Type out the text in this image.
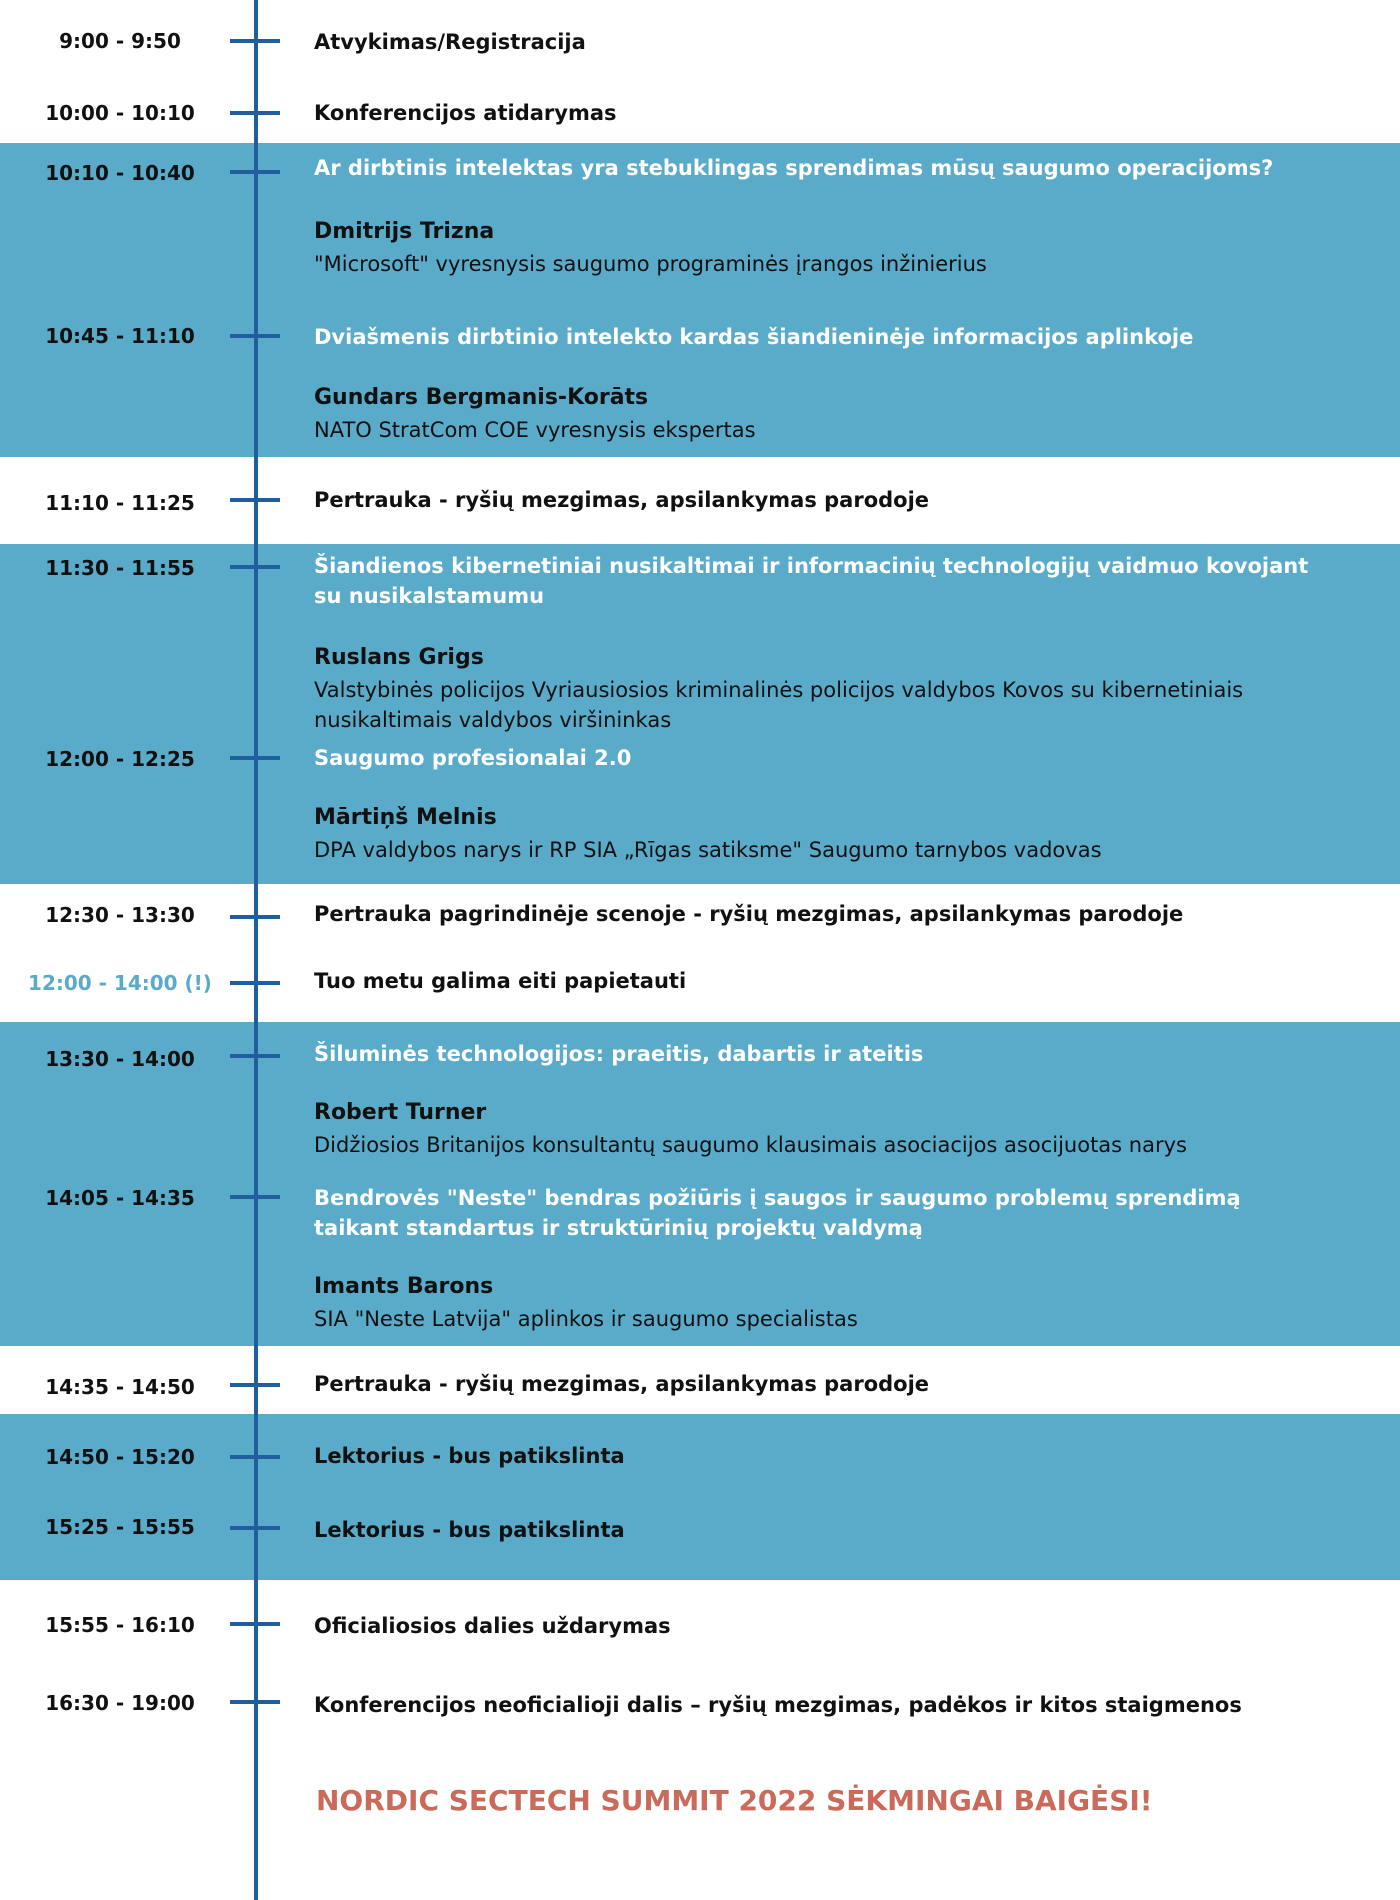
9:00 - 9:50	Atvykimas/Registracija
10:00 - 10:10	Konferencijos atidarymas
10:10 - 10:40	Ar dirbtinis intelektas yra stebuklingas sprendimas mūsų saugumo operacijoms?
Dmitrijs Trizna
"Microsoft" vyresnysis saugumo programinės įrangos inžinierius
10:45 - 11:10	Dviašmenis dirbtinio intelekto kardas šiandieninėje informacijos aplinkoje
Gundars Bergmanis-Korāts
NATO StratCom COE vyresnysis ekspertas
11:10 - 11:25	Pertrauka - ryšių mezgimas, apsilankymas parodoje
11:30 - 11:55	Šiandienos kibernetiniai nusikaltimai ir informacinių technologijų vaidmuo kovojant su nusikalstamumu
Ruslans Grigs
Valstybinės policijos Vyriausiosios kriminalinės policijos valdybos Kovos su kibernetiniais nusikaltimais valdybos viršininkas
12:00 - 12:25	Saugumo profesionalai 2.0
Mārtiņš Melnis
DPA valdybos narys ir RP SIA „Rīgas satiksme" Saugumo tarnybos vadovas
12:30 - 13:30	Pertrauka pagrindinėje scenoje - ryšių mezgimas, apsilankymas parodoje
12:00 - 14:00 (!)	Tuo metu galima eiti papietauti
13:30 - 14:00	Šiluminės technologijos: praeitis, dabartis ir ateitis
Robert Turner
Didžiosios Britanijos konsultantų saugumo klausimais asociacijos asocijuotas narys
14:05 - 14:35	Bendrovės "Neste" bendras požiūris į saugos ir saugumo problemų sprendimą taikant standartus ir struktūrinių projektų valdymą
Imants Barons
SIA "Neste Latvija" aplinkos ir saugumo specialistas
14:35 - 14:50	Pertrauka - ryšių mezgimas, apsilankymas parodoje
14:50 - 15:20	Lektorius - bus patikslinta
15:25 - 15:55	Lektorius - bus patikslinta
15:55 - 16:10	Oficialiosios dalies uždarymas
16:30 - 19:00	Konferencijos neoficialioji dalis – ryšių mezgimas, padėkos ir kitos staigmenos
NORDIC SECTECH SUMMIT 2022 SĖKMINGAI BAIGĖSI!
